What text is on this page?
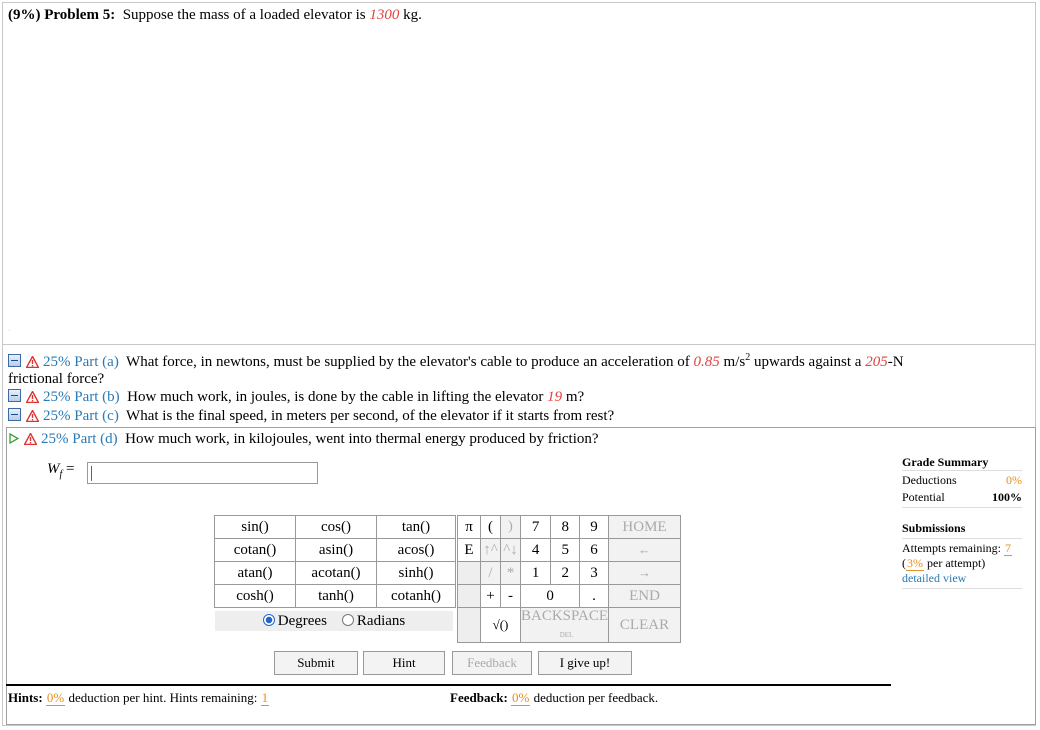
(9%) Problem 5: Suppose the mass of a loaded elevator is 1300 kg.
·
25% Part (a) What force, in newtons, must be supplied by the elevator's cable to produce an acceleration of 0.85 $m/s^2$ upwards against a 205-N
frictional force?
25% Part (b) How much work, in joules, is done by the cable in lifting the elevator 19 m?
25% Part (c) What is the final speed, in meters per second, of the elevator if it starts from rest?
25% Part (d) How much work, in kilojoules, went into thermal energy produced by friction?
$W_f$ =
sin()	cos()	tan()
cotan()	asin()	acos()
atan()	acotan()	sinh()
cosh()	tanh()	cotanh()
π	(	)	7	8	9	HOME
E	↑^	^↓	4	5	6	←
	/	*	1	2	3	→
	+	-	0		.	END
	√()		BACKSPACE DEL			CLEAR
Degrees Radians
Submit	Hint	Feedback	I give up!
Hints: 0% deduction per hint. Hints remaining: 1	Feedback: 0% deduction per feedback.
Grade Summary
Deductions	0%
Potential	100%
Submissions
Attempts remaining: 7
(3% per attempt)
detailed view
